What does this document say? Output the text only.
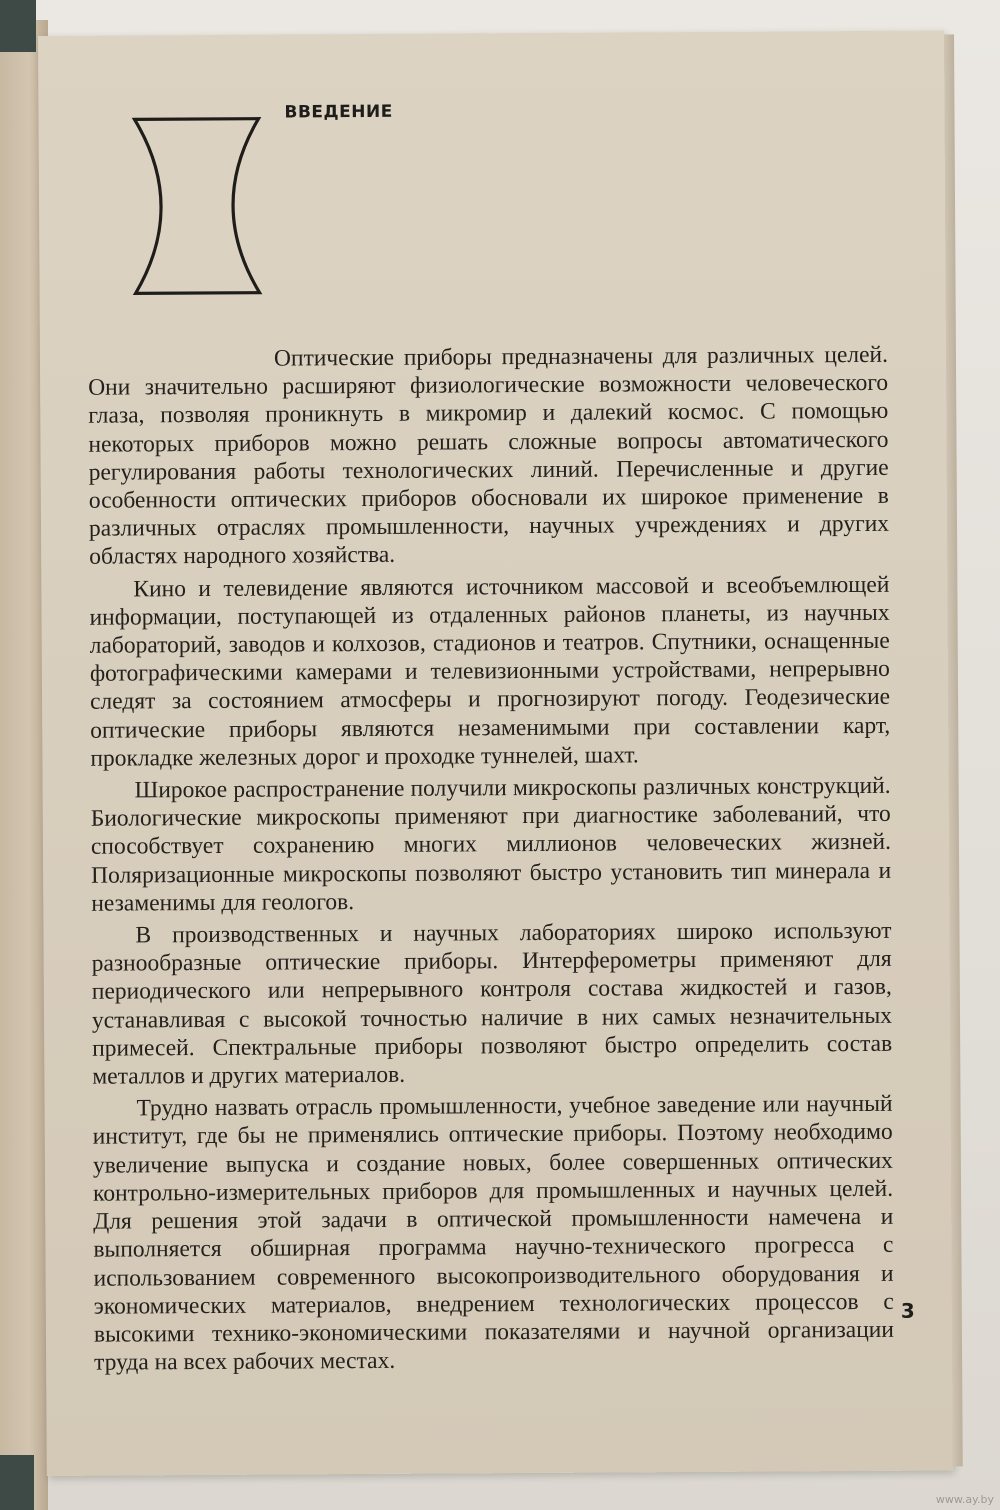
ВВЕДЕНИЕ

Оптические приборы предназначены для различных целей. Они значительно расширяют физиологические возможности человеческого глаза, позволяя проникнуть в микромир и далекий космос. С помощью некоторых приборов можно решать сложные вопросы автоматического регулирования работы технологических линий. Перечисленные и другие особенности оптических приборов обосновали их широкое применение в различных отраслях промышленности, научных учреждениях и других областях народного хозяйства.

Кино и телевидение являются источником массовой и всеобъемлющей информации, поступающей из отдаленных районов планеты, из научных лабораторий, заводов и колхозов, стадионов и театров. Спутники, оснащенные фотографическими камерами и телевизионными устройствами, непрерывно следят за состоянием атмосферы и прогнозируют погоду. Геодезические оптические приборы являются незаменимыми при составлении карт, прокладке железных дорог и проходке туннелей, шахт.

Широкое распространение получили микроскопы различных конструкций. Биологические микроскопы применяют при диагностике заболеваний, что способствует сохранению многих миллионов человеческих жизней. Поляризационные микроскопы позволяют быстро установить тип минерала и незаменимы для геологов.

В производственных и научных лабораториях широко используют разнообразные оптические приборы. Интерферометры применяют для периодического или непрерывного контроля состава жидкостей и газов, устанавливая с высокой точностью наличие в них самых незначительных примесей. Спектральные приборы позволяют быстро определить состав металлов и других материалов.

Трудно назвать отрасль промышленности, учебное заведение или научный институт, где бы не применялись оптические приборы. Поэтому необходимо увеличение выпуска и создание новых, более совершенных оптических контрольно-измерительных приборов для промышленных и научных целей. Для решения этой задачи в оптической промышленности намечена и выполняется обширная программа научно-технического прогресса с использованием современного высокопроизводительного оборудования и экономических материалов, внедрением технологических процессов с высокими технико-экономическими показателями и научной организации труда на всех рабочих местах.

3
www.ay.by
